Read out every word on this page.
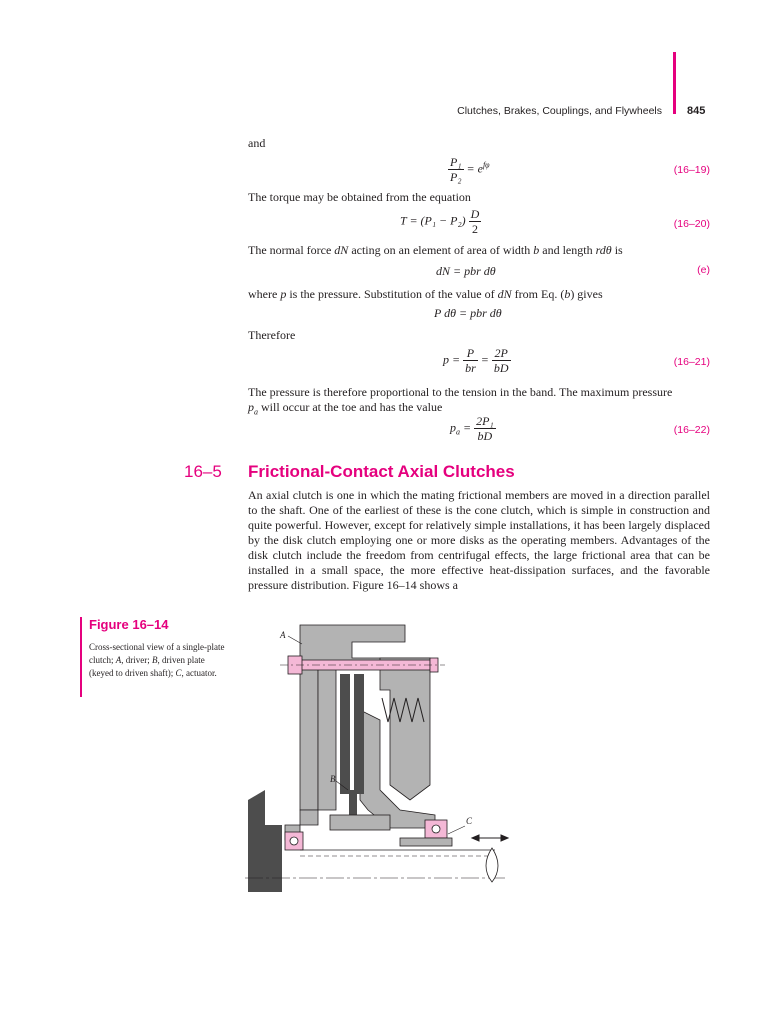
Clutches, Brakes, Couplings, and Flywheels 845
and
$\frac{\text{P₁}}{\text{P₂}} = e^{f\varphi}$	(16–19)
The torque may be obtained from the equation
$T = (P_1 - P_2) \frac{D}{2}$	(16–20)
The normal force dN acting on an element of area of width b and length rdθ is
dN = pbr dθ	(e)
where p is the pressure. Substitution of the value of dN from Eq. (b) gives
P dθ = pbr dθ
Therefore
$p = \frac{P}{br} = \frac{2P}{bD}$	(16–21)
The pressure is therefore proportional to the tension in the band. The maximum pressure
$p_a$ will occur at the toe and has the value
$p_a = \frac{\text{2P₁}}{bD}$	(16–22)
16–5 Frictional-Contact Axial Clutches
An axial clutch is one in which the mating frictional members are moved in a direction parallel to the shaft. One of the earliest of these is the cone clutch, which is simple in construction and quite powerful. However, except for relatively simple installations, it has been largely displaced by the disk clutch employing one or more disks as the operating members. Advantages of the disk clutch include the freedom from centrifugal effects, the large frictional area that can be installed in a small space, the more effective heat-dissipation surfaces, and the favorable pressure distribution. Figure 16–14 shows a
Figure 16–14
Cross-sectional view of a single-plate clutch; A, driver; B, driven plate (keyed to driven shaft); C, actuator.
A
B
C
